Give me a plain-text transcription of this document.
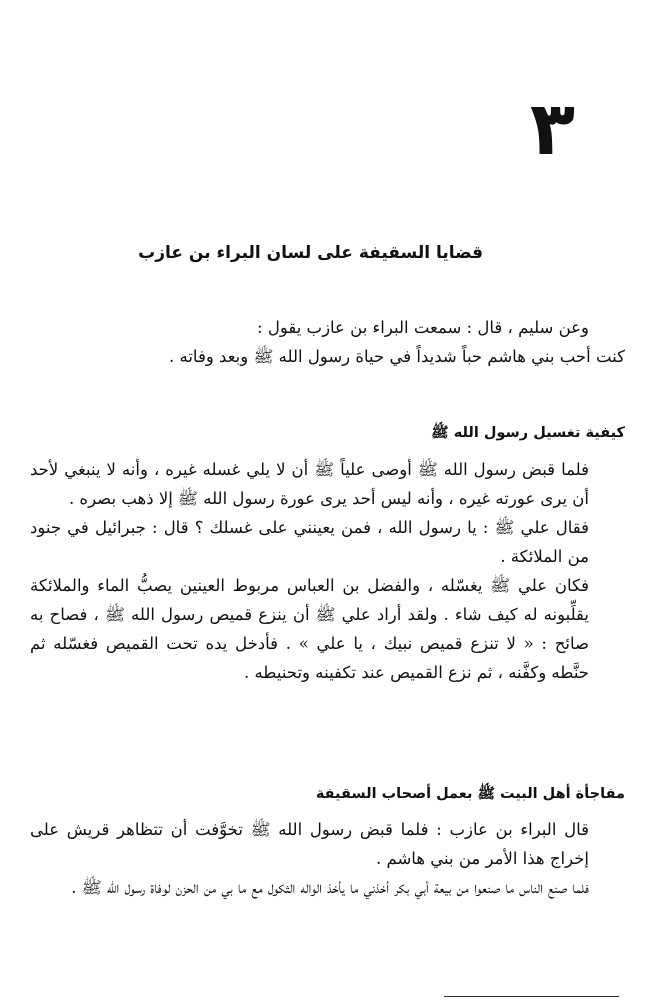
٣
قضايا السقيفة على لسان البراء بن عازب

وعن سليم ، قال : سمعت البراء بن عازب يقول :

كنت أحب بني هاشم حباً شديداً في حياة رسول الله ﷺ وبعد وفاته .

كيفية تغسيل رسول الله ﷺ

فلما قبض رسول الله ﷺ أوصى علياً ﷺ أن لا يلي غسله غيره ، وأنه لا ينبغي لأحد أن يرى عورته غيره ، وأنه ليس أحد يرى عورة رسول الله ﷺ إلا ذهب بصره .

فقال علي ﷺ : يا رسول الله ، فمن يعينني على غسلك ؟ قال : جبرائيل في جنود من الملائكة .

فكان علي ﷺ يغسّله ، والفضل بن العباس مربوط العينين يصبُّ الماء والملائكة يقلِّبونه له كيف شاء . ولقد أراد علي ﷺ أن ينزع قميص رسول الله ﷺ ، فصاح به صائح : « لا تنزع قميص نبيك ، يا علي » . فأدخل يده تحت القميص فغسّله ثم حنَّطه وكفَّنه ، ثم نزع القميص عند تكفينه وتحنيطه .

مفاجأة أهل البيت ﷺ بعمل أصحاب السقيفة

قال البراء بن عازب : فلما قبض رسول الله ﷺ تخوَّفت أن تتظاهر قريش على إخراج هذا الأمر من بني هاشم .

فلما صنع الناس ما صنعوا من بيعة أبي بكر أخذني ما يأخذ الواله الثكول مع ما بي من الحزن لوفاة رسول الله ﷺ .
